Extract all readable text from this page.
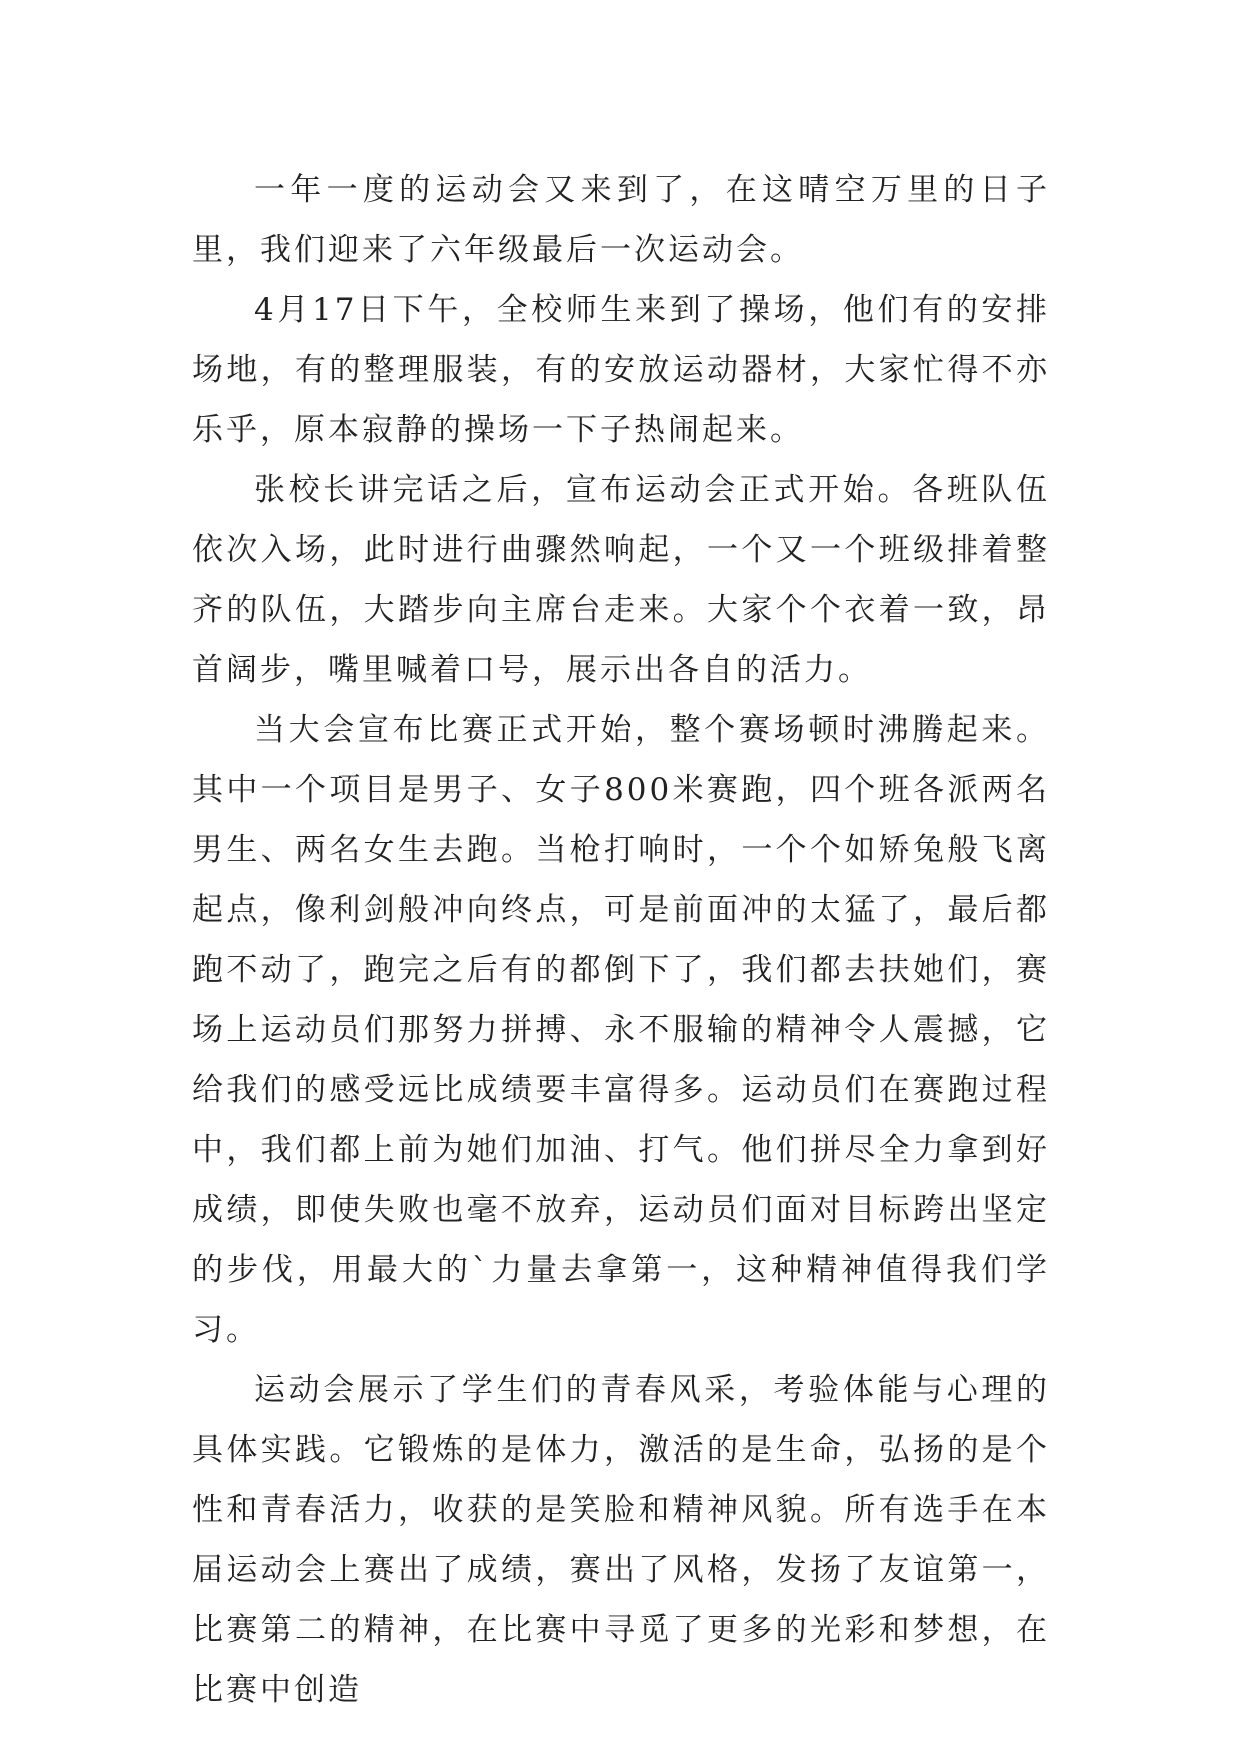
一年一度的运动会又来到了，在这晴空万里的日子里，我们迎来了六年级最后一次运动会。

4月17日下午，全校师生来到了操场，他们有的安排场地，有的整理服装，有的安放运动器材，大家忙得不亦乐乎，原本寂静的操场一下子热闹起来。

张校长讲完话之后，宣布运动会正式开始。各班队伍依次入场，此时进行曲骤然响起，一个又一个班级排着整齐的队伍，大踏步向主席台走来。大家个个衣着一致，昂首阔步，嘴里喊着口号，展示出各自的活力。

当大会宣布比赛正式开始，整个赛场顿时沸腾起来。其中一个项目是男子、女子800米赛跑，四个班各派两名男生、两名女生去跑。当枪打响时，一个个如矫兔般飞离起点，像利剑般冲向终点，可是前面冲的太猛了，最后都跑不动了，跑完之后有的都倒下了，我们都去扶她们，赛场上运动员们那努力拼搏、永不服输的精神令人震撼，它给我们的感受远比成绩要丰富得多。运动员们在赛跑过程中，我们都上前为她们加油、打气。他们拼尽全力拿到好成绩，即使失败也毫不放弃，运动员们面对目标跨出坚定的步伐，用最大的`力量去拿第一，这种精神值得我们学习。

运动会展示了学生们的青春风采，考验体能与心理的具体实践。它锻炼的是体力，激活的是生命，弘扬的是个性和青春活力，收获的是笑脸和精神风貌。所有选手在本届运动会上赛出了成绩，赛出了风格，发扬了友谊第一，比赛第二的精神，在比赛中寻觅了更多的光彩和梦想，在比赛中创造
